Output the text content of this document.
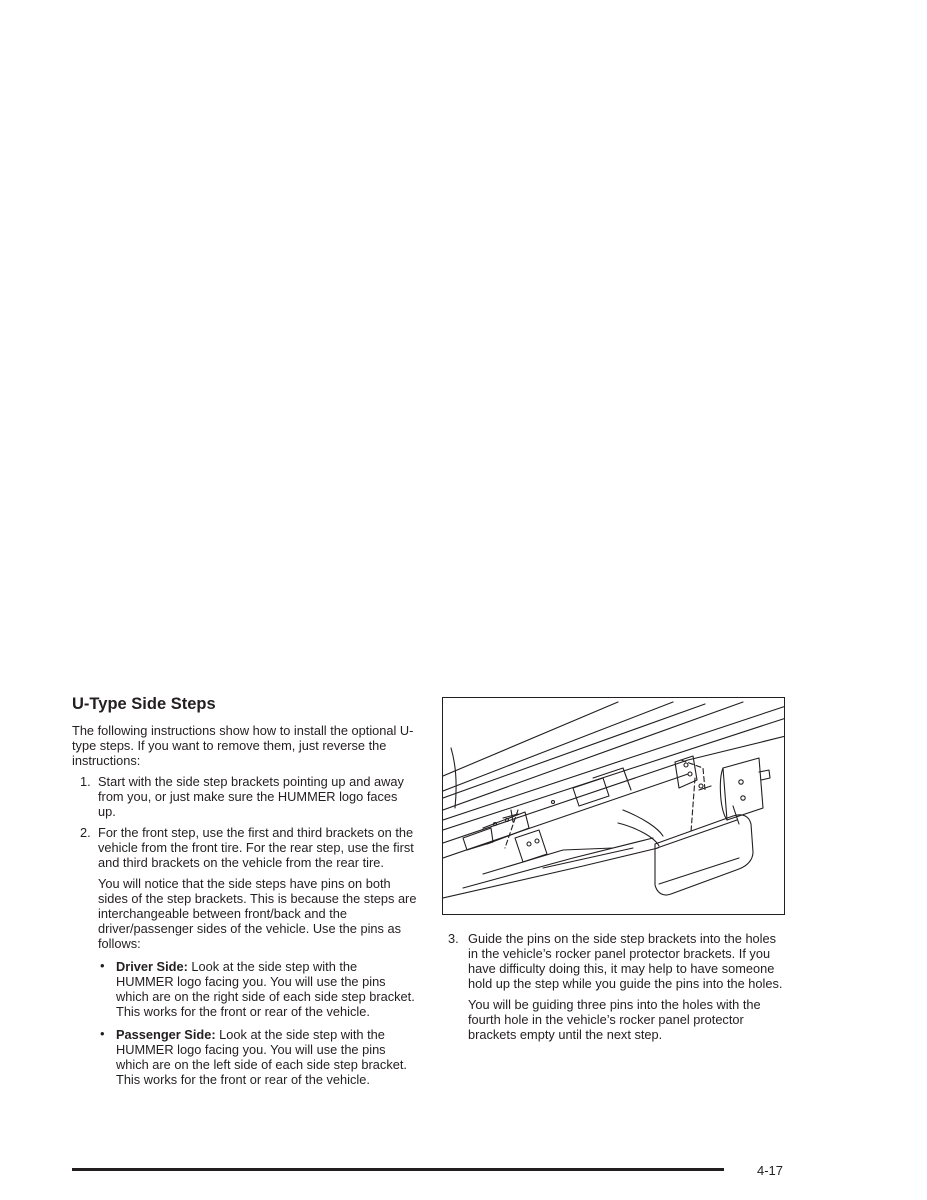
U-Type Side Steps

The following instructions show how to install the optional U-type steps. If you want to remove them, just reverse the instructions:

1. Start with the side step brackets pointing up and away from you, or just make sure the HUMMER logo faces up.

2. For the front step, use the first and third brackets on the vehicle from the front tire. For the rear step, use the first and third brackets on the vehicle from the rear tire.

You will notice that the side steps have pins on both sides of the step brackets. This is because the steps are interchangeable between front/back and the driver/passenger sides of the vehicle. Use the pins as follows:

• Driver Side: Look at the side step with the HUMMER logo facing you. You will use the pins which are on the right side of each side step bracket. This works for the front or rear of the vehicle.

• Passenger Side: Look at the side step with the HUMMER logo facing you. You will use the pins which are on the left side of each side step bracket. This works for the front or rear of the vehicle.

3. Guide the pins on the side step brackets into the holes in the vehicle’s rocker panel protector brackets. If you have difficulty doing this, it may help to have someone hold up the step while you guide the pins into the holes.

You will be guiding three pins into the holes with the fourth hole in the vehicle’s rocker panel protector brackets empty until the next step.

4-17
